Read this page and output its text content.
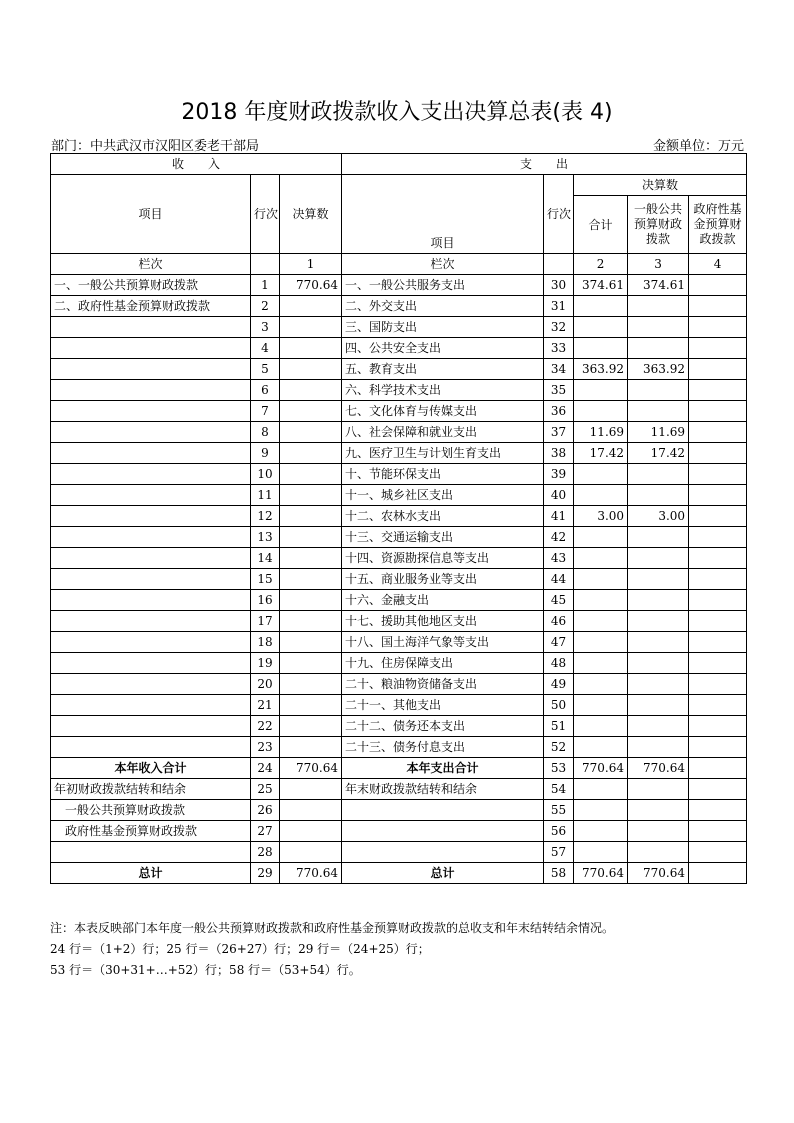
2018 年度财政拨款收入支出决算总表(表 4)
部门：中共武汉市汉阳区委老干部局	金额单位：万元
收　　入			支　　出				
项目	行次	决算数	项目	行次	决算数		
					合计	一般公共预算财政拨款	政府性基金预算财政拨款
栏次		1	栏次		2	3	4
一、一般公共预算财政拨款	1	770.64	一、一般公共服务支出	30	374.61	374.61	
二、政府性基金预算财政拨款	2		二、外交支出	31			
	3		三、国防支出	32			
	4		四、公共安全支出	33			
	5		五、教育支出	34	363.92	363.92	
	6		六、科学技术支出	35			
	7		七、文化体育与传媒支出	36			
	8		八、社会保障和就业支出	37	11.69	11.69	
	9		九、医疗卫生与计划生育支出	38	17.42	17.42	
	10		十、节能环保支出	39			
	11		十一、城乡社区支出	40			
	12		十二、农林水支出	41	3.00	3.00	
	13		十三、交通运输支出	42			
	14		十四、资源勘探信息等支出	43			
	15		十五、商业服务业等支出	44			
	16		十六、金融支出	45			
	17		十七、援助其他地区支出	46			
	18		十八、国土海洋气象等支出	47			
	19		十九、住房保障支出	48			
	20		二十、粮油物资储备支出	49			
	21		二十一、其他支出	50			
	22		二十二、债务还本支出	51			
	23		二十三、债务付息支出	52			
本年收入合计	24	770.64	本年支出合计	53	770.64	770.64	
年初财政拨款结转和结余	25		年末财政拨款结转和结余	54			
一般公共预算财政拨款	26			55			
政府性基金预算财政拨款	27			56			
	28			57			
总计	29	770.64	总计	58	770.64	770.64	
注：本表反映部门本年度一般公共预算财政拨款和政府性基金预算财政拨款的总收支和年末结转结余情况。
24 行＝（1+2）行；25 行＝（26+27）行；29 行＝（24+25）行；
53 行＝（30+31+…+52）行；58 行＝（53+54）行。
